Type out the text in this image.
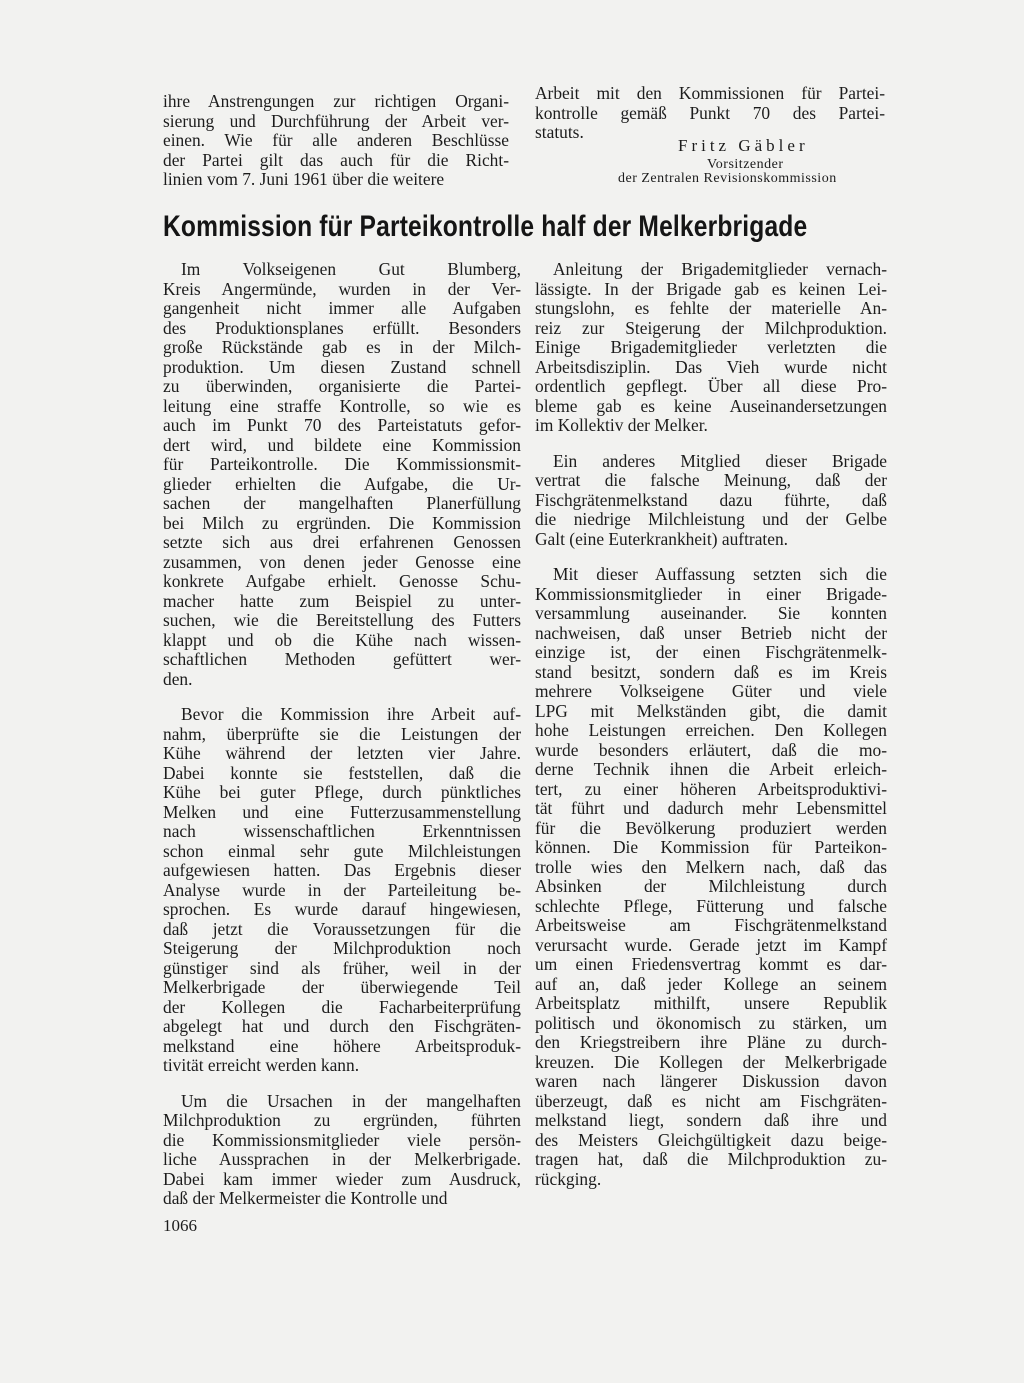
ihre Anstrengungen zur richtigen Organi-
sierung und Durchführung der Arbeit ver-
einen. Wie für alle anderen Beschlüsse
der Partei gilt das auch für die Richt-
linien vom 7. Juni 1961 über die weitere
Arbeit mit den Kommissionen für Partei-
kontrolle gemäß Punkt 70 des Partei-
statuts.
Fritz Gäbler
Vorsitzender
der Zentralen Revisionskommission
Kommission für Parteikontrolle half der Melkerbrigade
Im Volkseigenen Gut Blumberg,
Kreis Angermünde, wurden in der Ver-
gangenheit nicht immer alle Aufgaben
des Produktionsplanes erfüllt. Besonders
große Rückstände gab es in der Milch-
produktion. Um diesen Zustand schnell
zu überwinden, organisierte die Partei-
leitung eine straffe Kontrolle, so wie es
auch im Punkt 70 des Parteistatuts gefor-
dert wird, und bildete eine Kommission
für Parteikontrolle. Die Kommissionsmit-
glieder erhielten die Aufgabe, die Ur-
sachen der mangelhaften Planerfüllung
bei Milch zu ergründen. Die Kommission
setzte sich aus drei erfahrenen Genossen
zusammen, von denen jeder Genosse eine
konkrete Aufgabe erhielt. Genosse Schu-
macher hatte zum Beispiel zu unter-
suchen, wie die Bereitstellung des Futters
klappt und ob die Kühe nach wissen-
schaftlichen Methoden gefüttert wer-
den.
Bevor die Kommission ihre Arbeit auf-
nahm, überprüfte sie die Leistungen der
Kühe während der letzten vier Jahre.
Dabei konnte sie feststellen, daß die
Kühe bei guter Pflege, durch pünktliches
Melken und eine Futterzusammenstellung
nach wissenschaftlichen Erkenntnissen
schon einmal sehr gute Milchleistungen
aufgewiesen hatten. Das Ergebnis dieser
Analyse wurde in der Parteileitung be-
sprochen. Es wurde darauf hingewiesen,
daß jetzt die Voraussetzungen für die
Steigerung der Milchproduktion noch
günstiger sind als früher, weil in der
Melkerbrigade der überwiegende Teil
der Kollegen die Facharbeiterprüfung
abgelegt hat und durch den Fischgräten-
melkstand eine höhere Arbeitsproduk-
tivität erreicht werden kann.
Um die Ursachen in der mangelhaften
Milchproduktion zu ergründen, führten
die Kommissionsmitglieder viele persön-
liche Aussprachen in der Melkerbrigade.
Dabei kam immer wieder zum Ausdruck,
daß der Melkermeister die Kontrolle und
Anleitung der Brigademitglieder vernach-
lässigte. In der Brigade gab es keinen Lei-
stungslohn, es fehlte der materielle An-
reiz zur Steigerung der Milchproduktion.
Einige Brigademitglieder verletzten die
Arbeitsdisziplin. Das Vieh wurde nicht
ordentlich gepflegt. Über all diese Pro-
bleme gab es keine Auseinandersetzungen
im Kollektiv der Melker.
Ein anderes Mitglied dieser Brigade
vertrat die falsche Meinung, daß der
Fischgrätenmelkstand dazu führte, daß
die niedrige Milchleistung und der Gelbe
Galt (eine Euterkrankheit) auftraten.
Mit dieser Auffassung setzten sich die
Kommissionsmitglieder in einer Brigade-
versammlung auseinander. Sie konnten
nachweisen, daß unser Betrieb nicht der
einzige ist, der einen Fischgrätenmelk-
stand besitzt, sondern daß es im Kreis
mehrere Volkseigene Güter und viele
LPG mit Melkständen gibt, die damit
hohe Leistungen erreichen. Den Kollegen
wurde besonders erläutert, daß die mo-
derne Technik ihnen die Arbeit erleich-
tert, zu einer höheren Arbeitsproduktivi-
tät führt und dadurch mehr Lebensmittel
für die Bevölkerung produziert werden
können. Die Kommission für Parteikon-
trolle wies den Melkern nach, daß das
Absinken der Milchleistung durch
schlechte Pflege, Fütterung und falsche
Arbeitsweise am Fischgrätenmelkstand
verursacht wurde. Gerade jetzt im Kampf
um einen Friedensvertrag kommt es dar-
auf an, daß jeder Kollege an seinem
Arbeitsplatz mithilft, unsere Republik
politisch und ökonomisch zu stärken, um
den Kriegstreibern ihre Pläne zu durch-
kreuzen. Die Kollegen der Melkerbrigade
waren nach längerer Diskussion davon
überzeugt, daß es nicht am Fischgräten-
melkstand liegt, sondern daß ihre und
des Meisters Gleichgültigkeit dazu beige-
tragen hat, daß die Milchproduktion zu-
rückging.
1066
